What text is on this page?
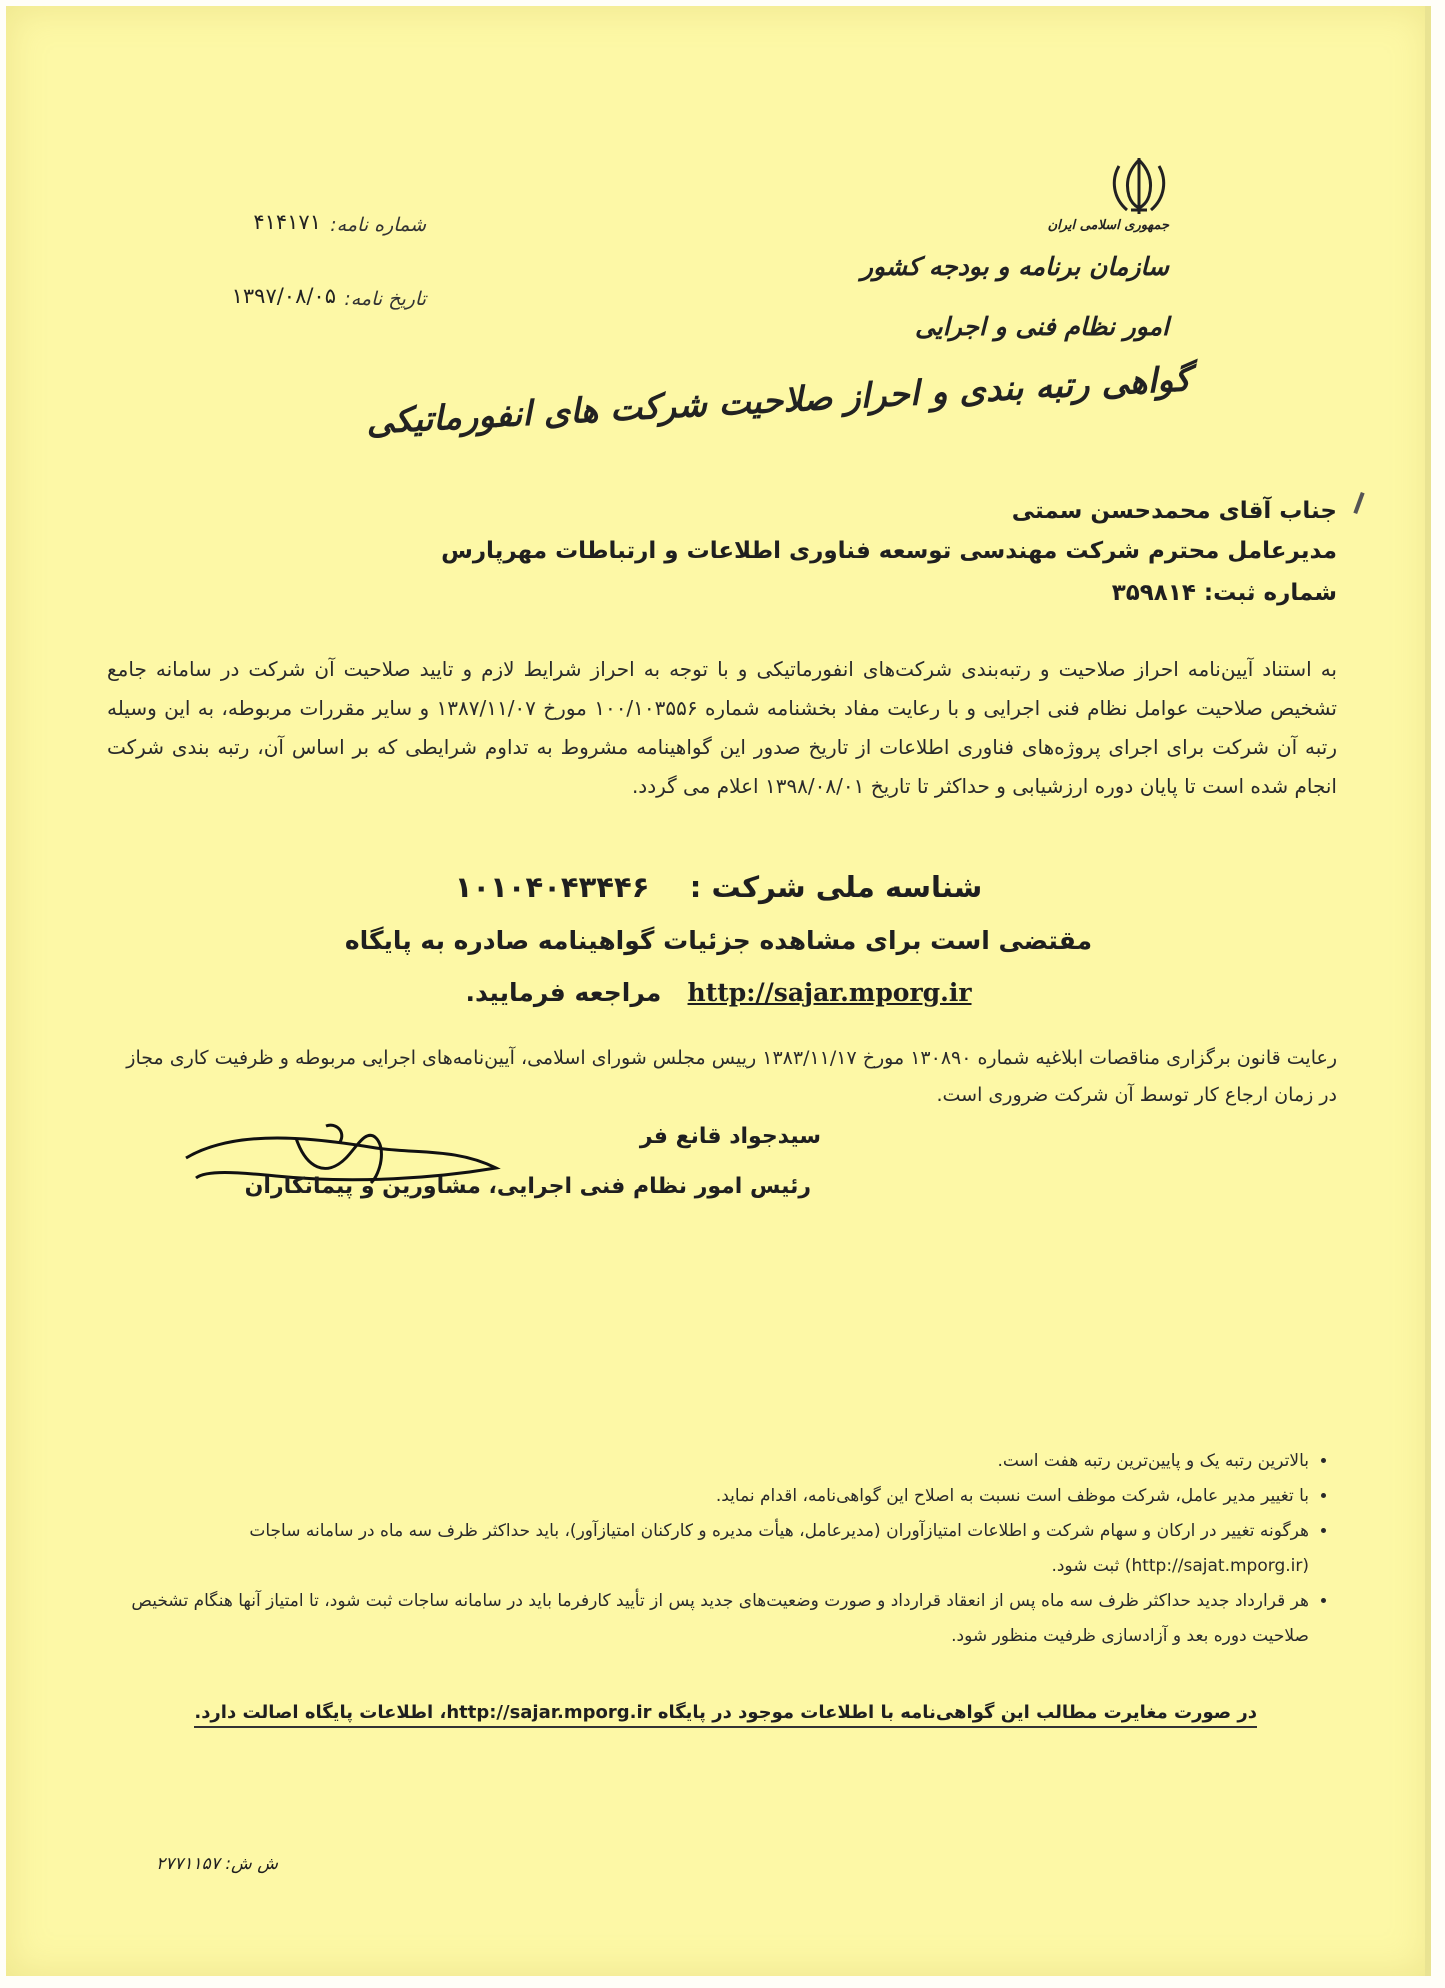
جمهوری اسلامی ایران
سازمان برنامه و بودجه کشور
امور نظام فنی و اجرایی
شماره نامه:
۴۱۴۱۷۱
تاریخ نامه:
۱۳۹۷/۰۸/۰۵
گواهی رتبه بندی و احراز صلاحیت شرکت های انفورماتیکی
جناب آقای محمدحسن سمتی
مدیرعامل محترم شرکت مهندسی توسعه فناوری اطلاعات و ارتباطات مهرپارس
شماره ثبت: ۳۵۹۸۱۴
به استناد آیین‌نامه احراز صلاحیت و رتبه‌بندی شرکت‌های انفورماتیکی و با توجه به احراز شرایط لازم و تایید صلاحیت آن شرکت در سامانه جامع تشخیص صلاحیت عوامل نظام فنی اجرایی و با رعایت مفاد بخشنامه شماره ۱۰۰/۱۰۳۵۵۶ مورخ ۱۳۸۷/۱۱/۰۷ و سایر مقررات مربوطه، به این وسیله رتبه آن شرکت برای اجرای پروژه‌های فناوری اطلاعات از تاریخ صدور این گواهینامه مشروط به تداوم شرایطی که بر اساس آن، رتبه بندی شرکت انجام شده است تا پایان دوره ارزشیابی و حداکثر تا تاریخ ۱۳۹۸/۰۸/۰۱ اعلام می گردد.
شناسه ملی شرکت :    ۱۰۱۰۴۰۴۳۴۴۶
مقتضی است برای مشاهده جزئیات گواهینامه صادره به پایگاه
http://sajar.mporg.ir   مراجعه فرمایید.
رعایت قانون برگزاری مناقصات ابلاغیه شماره ۱۳۰۸۹۰ مورخ ۱۳۸۳/۱۱/۱۷ رییس مجلس شورای اسلامی، آیین‌نامه‌های اجرایی مربوطه و ظرفیت کاری مجاز در زمان ارجاع کار توسط آن شرکت ضروری است.
سیدجواد قانع فر
رئیس امور نظام فنی اجرایی، مشاورین و پیمانکاران
• بالاترین رتبه یک و پایین‌ترین رتبه هفت است.
• با تغییر مدیر عامل، شرکت موظف است نسبت به اصلاح این گواهی‌نامه، اقدام نماید.
• هرگونه تغییر در ارکان و سهام شرکت و اطلاعات امتیازآوران (مدیرعامل، هیأت مدیره و کارکنان امتیازآور)، باید حداکثر ظرف سه ماه در سامانه ساجات (http://sajat.mporg.ir) ثبت شود.
• هر قرارداد جدید حداکثر ظرف سه ماه پس از انعقاد قرارداد و صورت وضعیت‌های جدید پس از تأیید کارفرما باید در سامانه ساجات ثبت شود، تا امتیاز آنها هنگام تشخیص صلاحیت دوره بعد و آزادسازی ظرفیت منظور شود.
در صورت مغایرت مطالب این گواهی‌نامه با اطلاعات موجود در پایگاه http://sajar.mporg.ir، اطلاعات پایگاه اصالت دارد.
ش ش: ۲۷۷۱۱۵۷
